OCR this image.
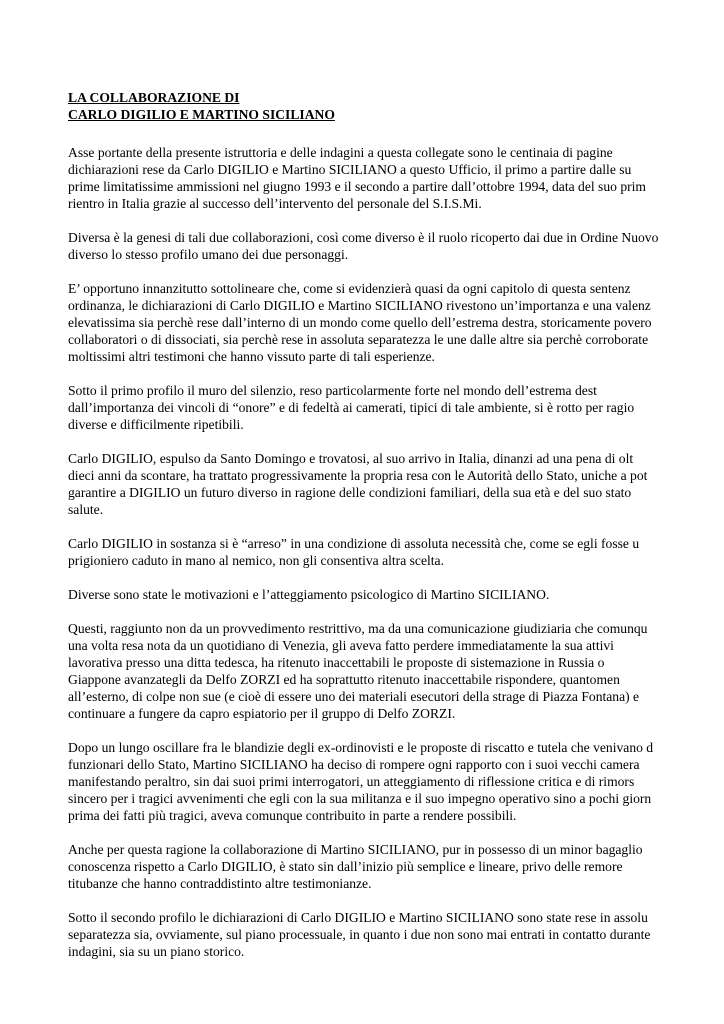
LA COLLABORAZIONE DI
CARLO DIGILIO E MARTINO SICILIANO
Asse portante della presente istruttoria e delle indagini a questa collegate sono le centinaia di pagine
dichiarazioni rese da Carlo DIGILIO e Martino SICILIANO a questo Ufficio, il primo a partire dalle su
prime limitatissime ammissioni nel giugno 1993 e il secondo a partire dall’ottobre 1994, data del suo prim
rientro in Italia grazie al successo dell’intervento del personale del S.I.S.Mi.
Diversa è la genesi di tali due collaborazioni, così come diverso è il ruolo ricoperto dai due in Ordine Nuovo
diverso lo stesso profilo umano dei due personaggi.
E’ opportuno innanzitutto sottolineare che, come si evidenzierà quasi da ogni capitolo di questa sentenz
ordinanza, le dichiarazioni di Carlo DIGILIO e Martino SICILIANO rivestono un’importanza e una valenz
elevatissima sia perchè rese dall’interno di un mondo come quello dell’estrema destra, storicamente povero
collaboratori o di dissociati, sia perchè rese in assoluta separatezza le une dalle altre sia perchè corroborate
moltissimi altri testimoni che hanno vissuto parte di tali esperienze.
Sotto il primo profilo il muro del silenzio, reso particolarmente forte nel mondo dell’estrema dest
dall’importanza dei vincoli di “onore” e di fedeltà ai camerati, tipici di tale ambiente, si è rotto per ragio
diverse e difficilmente ripetibili.
Carlo DIGILIO, espulso da Santo Domingo e trovatosi, al suo arrivo in Italia, dinanzi ad una pena di olt
dieci anni da scontare, ha trattato progressivamente la propria resa con le Autorità dello Stato, uniche a pot
garantire a DIGILIO un futuro diverso in ragione delle condizioni familiari, della sua età e del suo stato
salute.
Carlo DIGILIO in sostanza si è “arreso” in una condizione di assoluta necessità che, come se egli fosse u
prigioniero caduto in mano al nemico, non gli consentiva altra scelta.
Diverse sono state le motivazioni e l’atteggiamento psicologico di Martino SICILIANO.
Questi, raggiunto non da un provvedimento restrittivo, ma da una comunicazione giudiziaria che comunqu
una volta resa nota da un quotidiano di Venezia, gli aveva fatto perdere immediatamente la sua attivi
lavorativa presso una ditta tedesca, ha ritenuto inaccettabili le proposte di sistemazione in Russia o
Giappone avanzategli da Delfo ZORZI ed ha soprattutto ritenuto inaccettabile rispondere, quantomen
all’esterno, di colpe non sue (e cioè di essere uno dei materiali esecutori della strage di Piazza Fontana) e
continuare a fungere da capro espiatorio per il gruppo di Delfo ZORZI.
Dopo un lungo oscillare fra le blandizie degli ex-ordinovisti e le proposte di riscatto e tutela che venivano d
funzionari dello Stato, Martino SICILIANO ha deciso di rompere ogni rapporto con i suoi vecchi camera
manifestando peraltro, sin dai suoi primi interrogatori, un atteggiamento di riflessione critica e di rimors
sincero per i tragici avvenimenti che egli con la sua militanza e il suo impegno operativo sino a pochi giorn
prima dei fatti più tragici, aveva comunque contribuito in parte a rendere possibili.
Anche per questa ragione la collaborazione di Martino SICILIANO, pur in possesso di un minor bagaglio
conoscenza rispetto a Carlo DIGILIO, è stato sin dall’inizio più semplice e lineare, privo delle remore
titubanze che hanno contraddistinto altre testimonianze.
Sotto il secondo profilo le dichiarazioni di Carlo DIGILIO e Martino SICILIANO sono state rese in assolu
separatezza sia, ovviamente, sul piano processuale, in quanto i due non sono mai entrati in contatto durante
indagini, sia su un piano storico.
